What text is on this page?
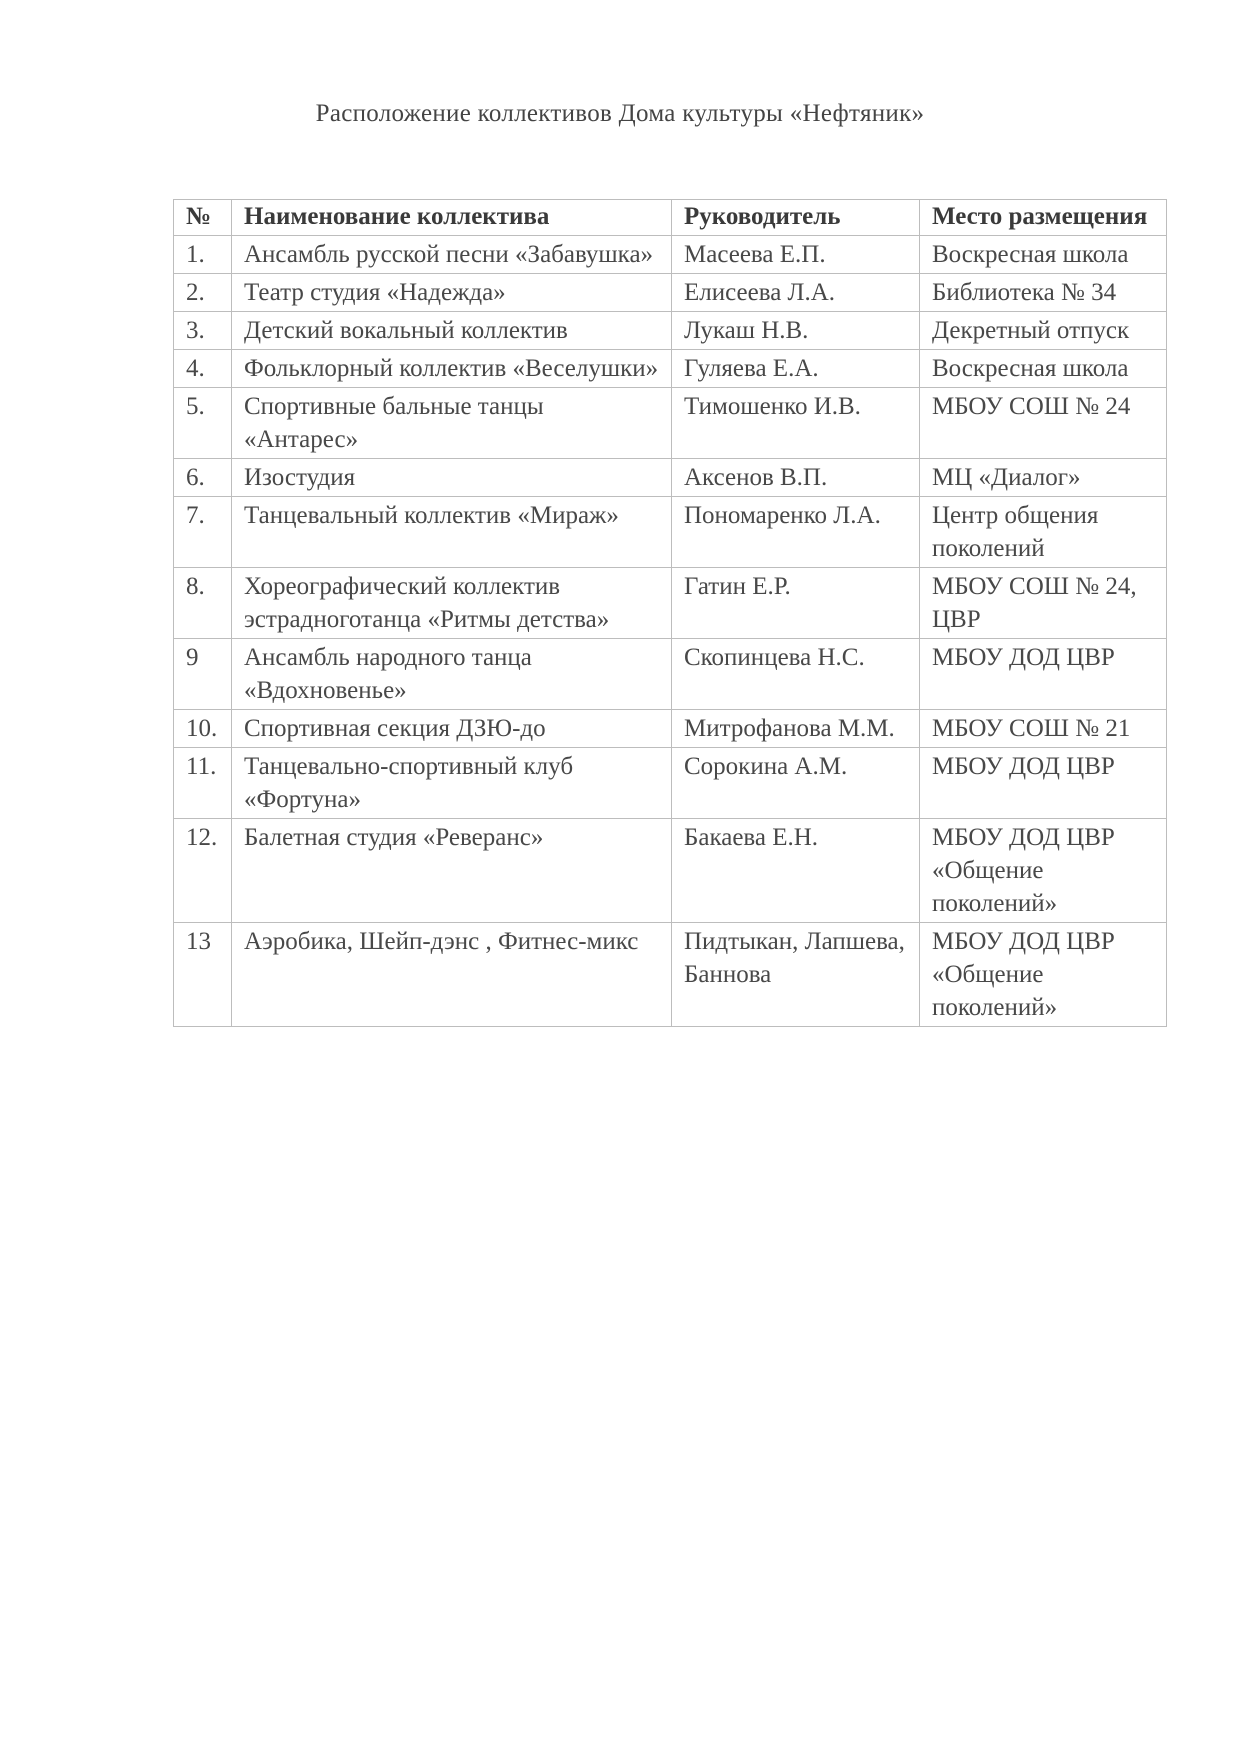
Расположение коллективов Дома культуры «Нефтяник»
№	Наименование коллектива	Руководитель	Место размещения
1.	Ансамбль русской песни «Забавушка»	Масеева Е.П.	Воскресная школа
2.	Театр студия «Надежда»	Елисеева Л.А.	Библиотека № 34
3.	Детский вокальный коллектив	Лукаш Н.В.	Декретный отпуск
4.	Фольклорный коллектив «Веселушки»	Гуляева Е.А.	Воскресная школа
5.	Спортивные бальные танцы «Антарес»	Тимошенко И.В.	МБОУ СОШ № 24
6.	Изостудия	Аксенов В.П.	МЦ «Диалог»
7.	Танцевальный коллектив «Мираж»	Пономаренко Л.А.	Центр общения поколений
8.	Хореографический коллектив эстрадноготанца «Ритмы детства»	Гатин Е.Р.	МБОУ СОШ № 24, ЦВР
9	Ансамбль народного танца «Вдохновенье»	Скопинцева Н.С.	МБОУ ДОД ЦВР
10.	Спортивная секция ДЗЮ-до	Митрофанова М.М.	МБОУ СОШ № 21
11.	Танцевально-спортивный клуб «Фортуна»	Сорокина А.М.	МБОУ ДОД ЦВР
12.	Балетная студия «Реверанс»	Бакаева Е.Н.	МБОУ ДОД ЦВР «Общение поколений»
13	Аэробика, Шейп-дэнс , Фитнес-микс	Пидтыкан, Лапшева, Баннова	МБОУ ДОД ЦВР «Общение поколений»
